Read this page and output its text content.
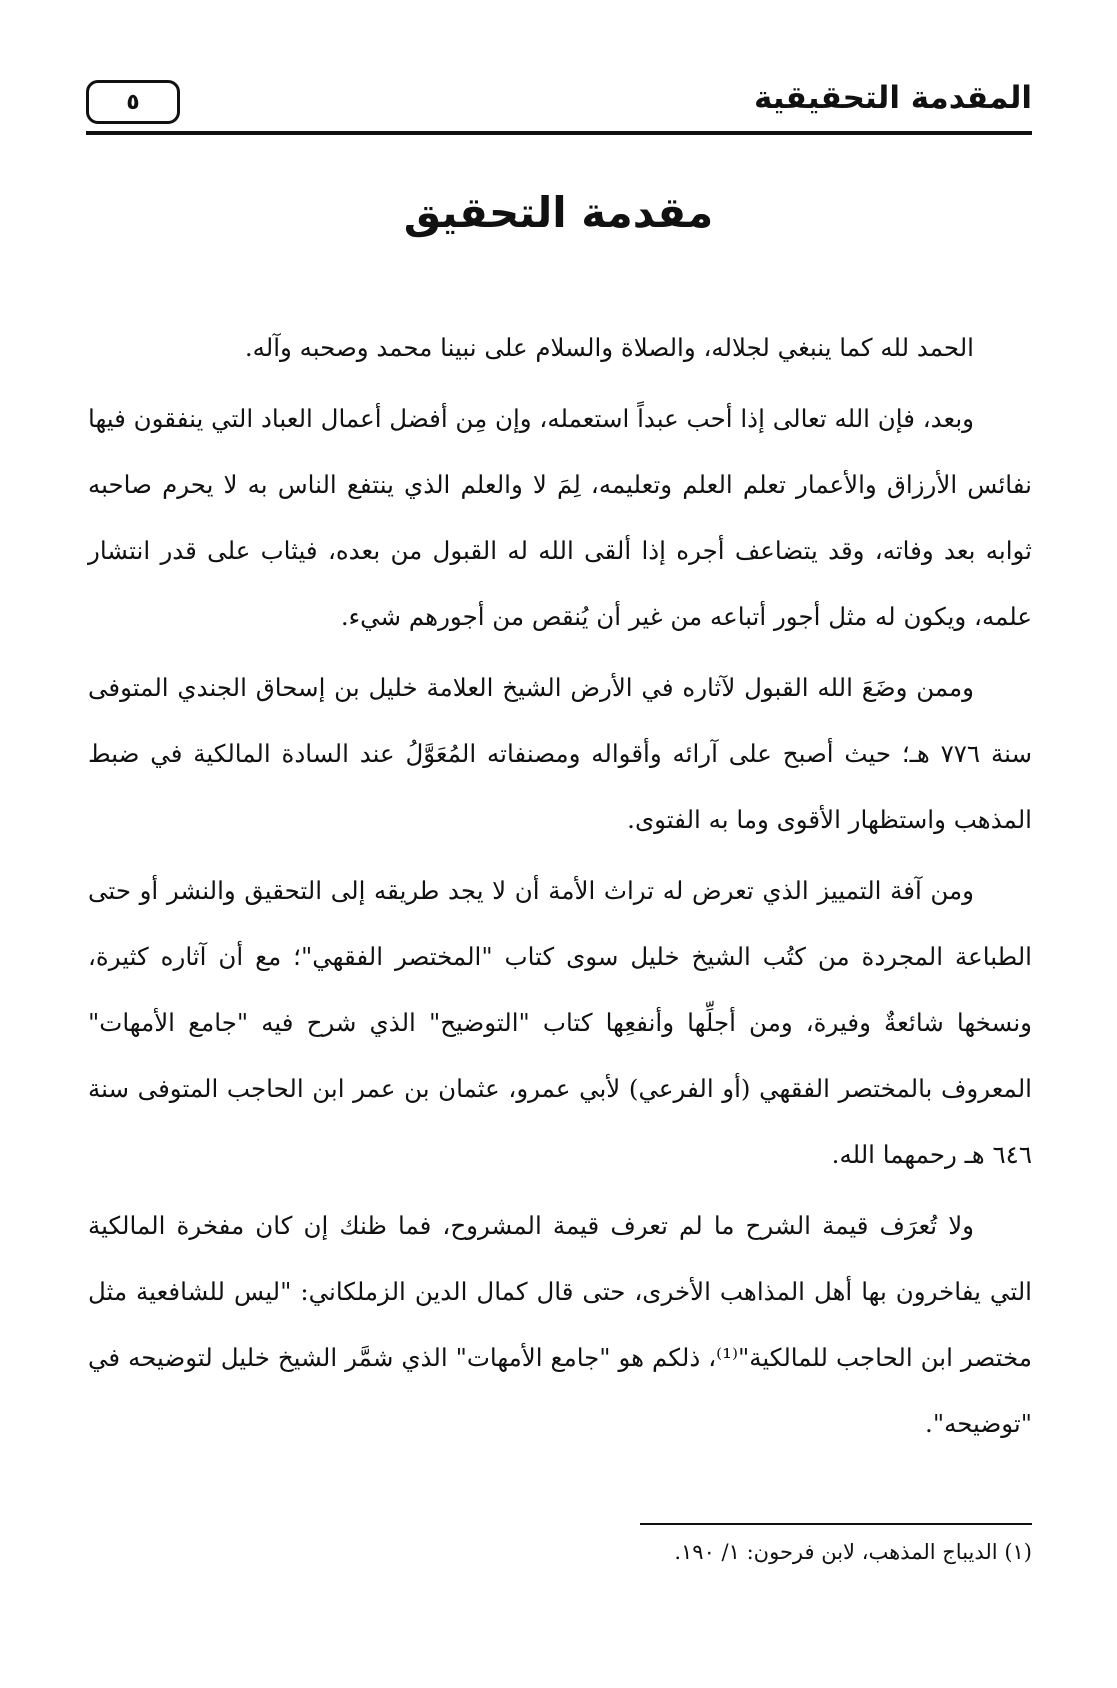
المقدمة التحقيقية
٥
مقدمة التحقيق

الحمد لله كما ينبغي لجلاله، والصلاة والسلام على نبينا محمد وصحبه وآله.

وبعد، فإن الله تعالى إذا أحب عبداً استعمله، وإن مِن أفضل أعمال العباد التي ينفقون فيها نفائس الأرزاق والأعمار تعلم العلم وتعليمه، لِمَ لا والعلم الذي ينتفع الناس به لا يحرم صاحبه ثوابه بعد وفاته، وقد يتضاعف أجره إذا ألقى الله له القبول من بعده، فيثاب على قدر انتشار علمه، ويكون له مثل أجور أتباعه من غير أن يُنقص من أجورهم شيء.

وممن وضَعَ الله القبول لآثاره في الأرض الشيخ العلامة خليل بن إسحاق الجندي المتوفى سنة ٧٧٦ هـ؛ حيث أصبح على آرائه وأقواله ومصنفاته المُعَوَّلُ عند السادة المالكية في ضبط المذهب واستظهار الأقوى وما به الفتوى.

ومن آفة التمييز الذي تعرض له تراث الأمة أن لا يجد طريقه إلى التحقيق والنشر أو حتى الطباعة المجردة من كتُب الشيخ خليل سوى كتاب "المختصر الفقهي"؛ مع أن آثاره كثيرة، ونسخها شائعةٌ وفيرة، ومن أجلِّها وأنفعِها كتاب "التوضيح" الذي شرح فيه "جامع الأمهات" المعروف بالمختصر الفقهي (أو الفرعي) لأبي عمرو، عثمان بن عمر ابن الحاجب المتوفى سنة ٦٤٦ هـ رحمهما الله.

ولا تُعرَف قيمة الشرح ما لم تعرف قيمة المشروح، فما ظنك إن كان مفخرة المالكية التي يفاخرون بها أهل المذاهب الأخرى، حتى قال كمال الدين الزملكاني: "ليس للشافعية مثل مختصر ابن الحاجب للمالكية"⁽¹⁾، ذلكم هو "جامع الأمهات" الذي شمَّر الشيخ خليل لتوضيحه في "توضيحه".

(١) الديباج المذهب، لابن فرحون: ١/ ١٩٠.
